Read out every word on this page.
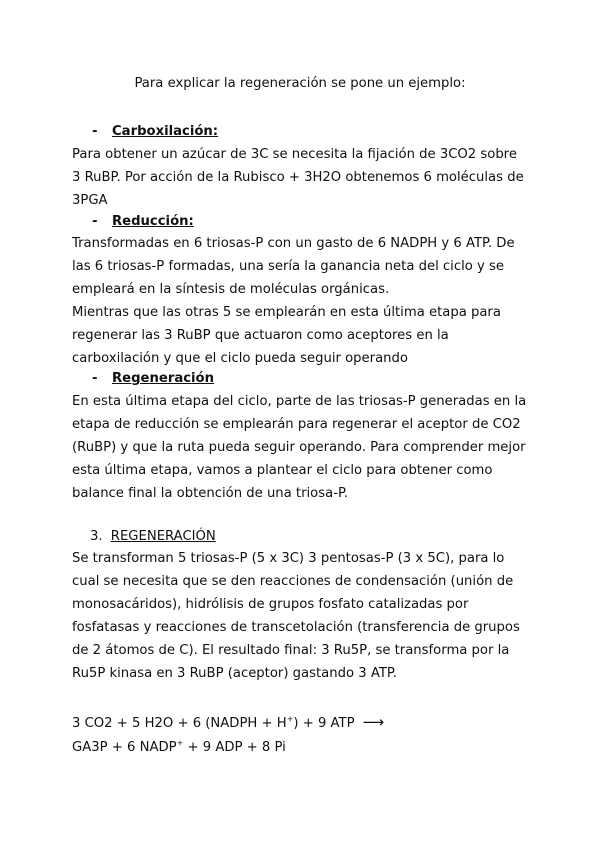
Para explicar la regeneración se pone un ejemplo:
- Carboxilación:
Para obtener un azúcar de 3C se necesita la fijación de 3CO2 sobre
3 RuBP. Por acción de la Rubisco + 3H2O obtenemos 6 moléculas de
3PGA
- Reducción:
Transformadas en 6 triosas-P con un gasto de 6 NADPH y 6 ATP. De
las 6 triosas-P formadas, una sería la ganancia neta del ciclo y se
empleará en la síntesis de moléculas orgánicas.
Mientras que las otras 5 se emplearán en esta última etapa para
regenerar las 3 RuBP que actuaron como aceptores en la
carboxilación y que el ciclo pueda seguir operando
- Regeneración
En esta última etapa del ciclo, parte de las triosas-P generadas en la
etapa de reducción se emplearán para regenerar el aceptor de CO2
(RuBP) y que la ruta pueda seguir operando. Para comprender mejor
esta última etapa, vamos a plantear el ciclo para obtener como
balance final la obtención de una triosa-P.
3. REGENERACIÓN
Se transforman 5 triosas-P (5 x 3C) 3 pentosas-P (3 x 5C), para lo
cual se necesita que se den reacciones de condensación (unión de
monosacáridos), hidrólisis de grupos fosfato catalizadas por
fosfatasas y reacciones de transcetolación (transferencia de grupos
de 2 átomos de C). El resultado final: 3 Ru5P, se transforma por la
Ru5P kinasa en 3 RuBP (aceptor) gastando 3 ATP.
3 CO2 + 5 H2O + 6 (NADPH + H+) + 9 ATP ⟶
GA3P + 6 NADP+ + 9 ADP + 8 Pi
